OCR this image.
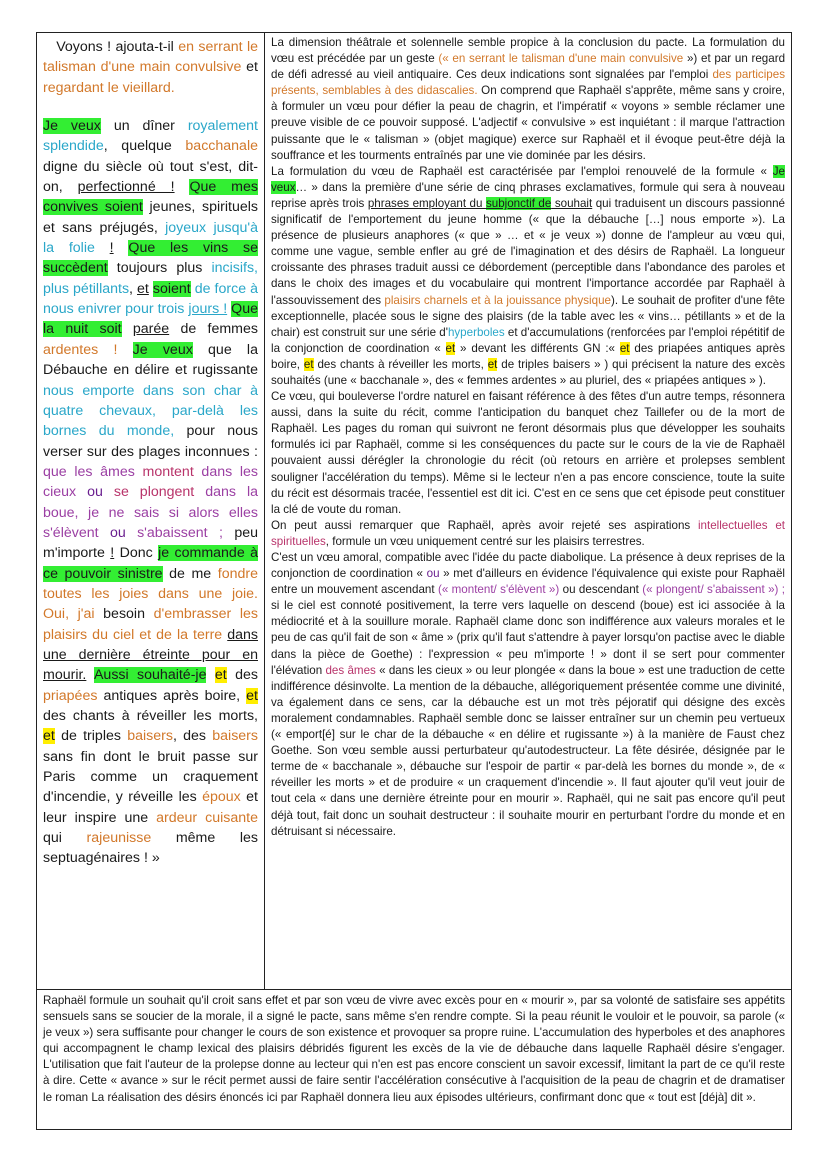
Voyons ! ajouta-t-il en serrant le talisman d'une main convulsive et regardant le vieillard.

Je veux un dîner royalement splendide, quelque bacchanale digne du siècle où tout s'est, dit-on, perfectionné ! Que mes convives soient jeunes, spirituels et sans préjugés, joyeux jusqu'à la folie ! Que les vins se succèdent toujours plus incisifs, plus pétillants, et soient de force à nous enivrer pour trois jours ! Que la nuit soit parée de femmes ardentes ! Je veux que la Débauche en délire et rugissante nous emporte dans son char à quatre chevaux, par-delà les bornes du monde, pour nous verser sur des plages inconnues : que les âmes montent dans les cieux ou se plongent dans la boue, je ne sais si alors elles s'élèvent ou s'abaissent ; peu m'importe ! Donc je commande à ce pouvoir sinistre de me fondre toutes les joies dans une joie. Oui, j'ai besoin d'embrasser les plaisirs du ciel et de la terre dans une dernière étreinte pour en mourir. Aussi souhaité-je et des priapées antiques après boire, et des chants à réveiller les morts, et de triples baisers, des baisers sans fin dont le bruit passe sur Paris comme un craquement d'incendie, y réveille les époux et leur inspire une ardeur cuisante qui rajeunisse même les septuagénaires ! »

La dimension théâtrale et solennelle semble propice à la conclusion du pacte. La formulation du vœu est précédée par un geste (« en serrant le talisman d'une main convulsive ») et par un regard de défi adressé au vieil antiquaire. Ces deux indications sont signalées par l'emploi des participes présents, semblables à des didascalies. On comprend que Raphaël s'apprête, même sans y croire, à formuler un vœu pour défier la peau de chagrin, et l'impératif « voyons » semble réclamer une preuve visible de ce pouvoir supposé. L'adjectif « convulsive » est inquiétant : il marque l'attraction puissante que le « talisman » (objet magique) exerce sur Raphaël et il évoque peut-être déjà la souffrance et les tourments entraînés par une vie dominée par les désirs.

La formulation du vœu de Raphaël est caractérisée par l'emploi renouvelé de la formule « Je veux… » dans la première d'une série de cinq phrases exclamatives, formule qui sera à nouveau reprise après trois phrases employant du subjonctif de souhait qui traduisent un discours passionné significatif de l'emportement du jeune homme (« que la débauche […] nous emporte »). La présence de plusieurs anaphores (« que » … et « je veux ») donne de l'ampleur au vœu qui, comme une vague, semble enfler au gré de l'imagination et des désirs de Raphaël. La longueur croissante des phrases traduit aussi ce débordement (perceptible dans l'abondance des paroles et dans le choix des images et du vocabulaire qui montrent l'importance accordée par Raphaël à l'assouvissement des plaisirs charnels et à la jouissance physique). Le souhait de profiter d'une fête exceptionnelle, placée sous le signe des plaisirs (de la table avec les « vins… pétillants » et de la chair) est construit sur une série d'hyperboles et d'accumulations (renforcées par l'emploi répétitif de la conjonction de coordination « et » devant les différents GN :« et des priapées antiques après boire, et des chants à réveiller les morts, et de triples baisers » ) qui précisent la nature des excès souhaités (une « bacchanale », des « femmes ardentes » au pluriel, des « priapées antiques » ).

Ce vœu, qui bouleverse l'ordre naturel en faisant référence à des fêtes d'un autre temps, résonnera aussi, dans la suite du récit, comme l'anticipation du banquet chez Taillefer ou de la mort de Raphaël. Les pages du roman qui suivront ne feront désormais plus que développer les souhaits formulés ici par Raphaël, comme si les conséquences du pacte sur le cours de la vie de Raphaël pouvaient aussi dérégler la chronologie du récit (où retours en arrière et prolepses semblent souligner l'accélération du temps). Même si le lecteur n'en a pas encore conscience, toute la suite du récit est désormais tracée, l'essentiel est dit ici. C'est en ce sens que cet épisode peut constituer la clé de voute du roman.

On peut aussi remarquer que Raphaël, après avoir rejeté ses aspirations intellectuelles et spirituelles, formule un vœu uniquement centré sur les plaisirs terrestres.

C'est un vœu amoral, compatible avec l'idée du pacte diabolique. La présence à deux reprises de la conjonction de coordination « ou » met d'ailleurs en évidence l'équivalence qui existe pour Raphaël entre un mouvement ascendant (« montent/ s'élèvent ») ou descendant (« plongent/ s'abaissent ») ; si le ciel est connoté positivement, la terre vers laquelle on descend (boue) est ici associée à la médiocrité et à la souillure morale. Raphaël clame donc son indifférence aux valeurs morales et le peu de cas qu'il fait de son « âme » (prix qu'il faut s'attendre à payer lorsqu'on pactise avec le diable dans la pièce de Goethe) : l'expression « peu m'importe ! » dont il se sert pour commenter l'élévation des âmes « dans les cieux » ou leur plongée « dans la boue » est une traduction de cette indifférence désinvolte. La mention de la débauche, allégoriquement présentée comme une divinité, va également dans ce sens, car la débauche est un mot très péjoratif qui désigne des excès moralement condamnables. Raphaël semble donc se laisser entraîner sur un chemin peu vertueux (« emport[é] sur le char de la débauche « en délire et rugissante ») à la manière de Faust chez Goethe. Son vœu semble aussi perturbateur qu'autodestructeur. La fête désirée, désignée par le terme de « bacchanale », débauche sur l'espoir de partir « par-delà les bornes du monde », de « réveiller les morts » et de produire « un craquement d'incendie ». Il faut ajouter qu'il veut jouir de tout cela « dans une dernière étreinte pour en mourir ». Raphaël, qui ne sait pas encore qu'il peut déjà tout, fait donc un souhait destructeur : il souhaite mourir en perturbant l'ordre du monde et en détruisant si nécessaire.

Raphaël formule un souhait qu'il croit sans effet et par son vœu de vivre avec excès pour en « mourir », par sa volonté de satisfaire ses appétits sensuels sans se soucier de la morale, il a signé le pacte, sans même s'en rendre compte. Si la peau réunit le vouloir et le pouvoir, sa parole (« je veux ») sera suffisante pour changer le cours de son existence et provoquer sa propre ruine. L'accumulation des hyperboles et des anaphores qui accompagnent le champ lexical des plaisirs débridés figurent les excès de la vie de débauche dans laquelle Raphaël désire s'engager. L'utilisation que fait l'auteur de la prolepse donne au lecteur qui n'en est pas encore conscient un savoir excessif, limitant la part de ce qu'il reste à dire. Cette « avance » sur le récit permet aussi de faire sentir l'accélération consécutive à l'acquisition de la peau de chagrin et de dramatiser le roman La réalisation des désirs énoncés ici par Raphaël donnera lieu aux épisodes ultérieurs, confirmant donc que « tout est [déjà] dit ».
